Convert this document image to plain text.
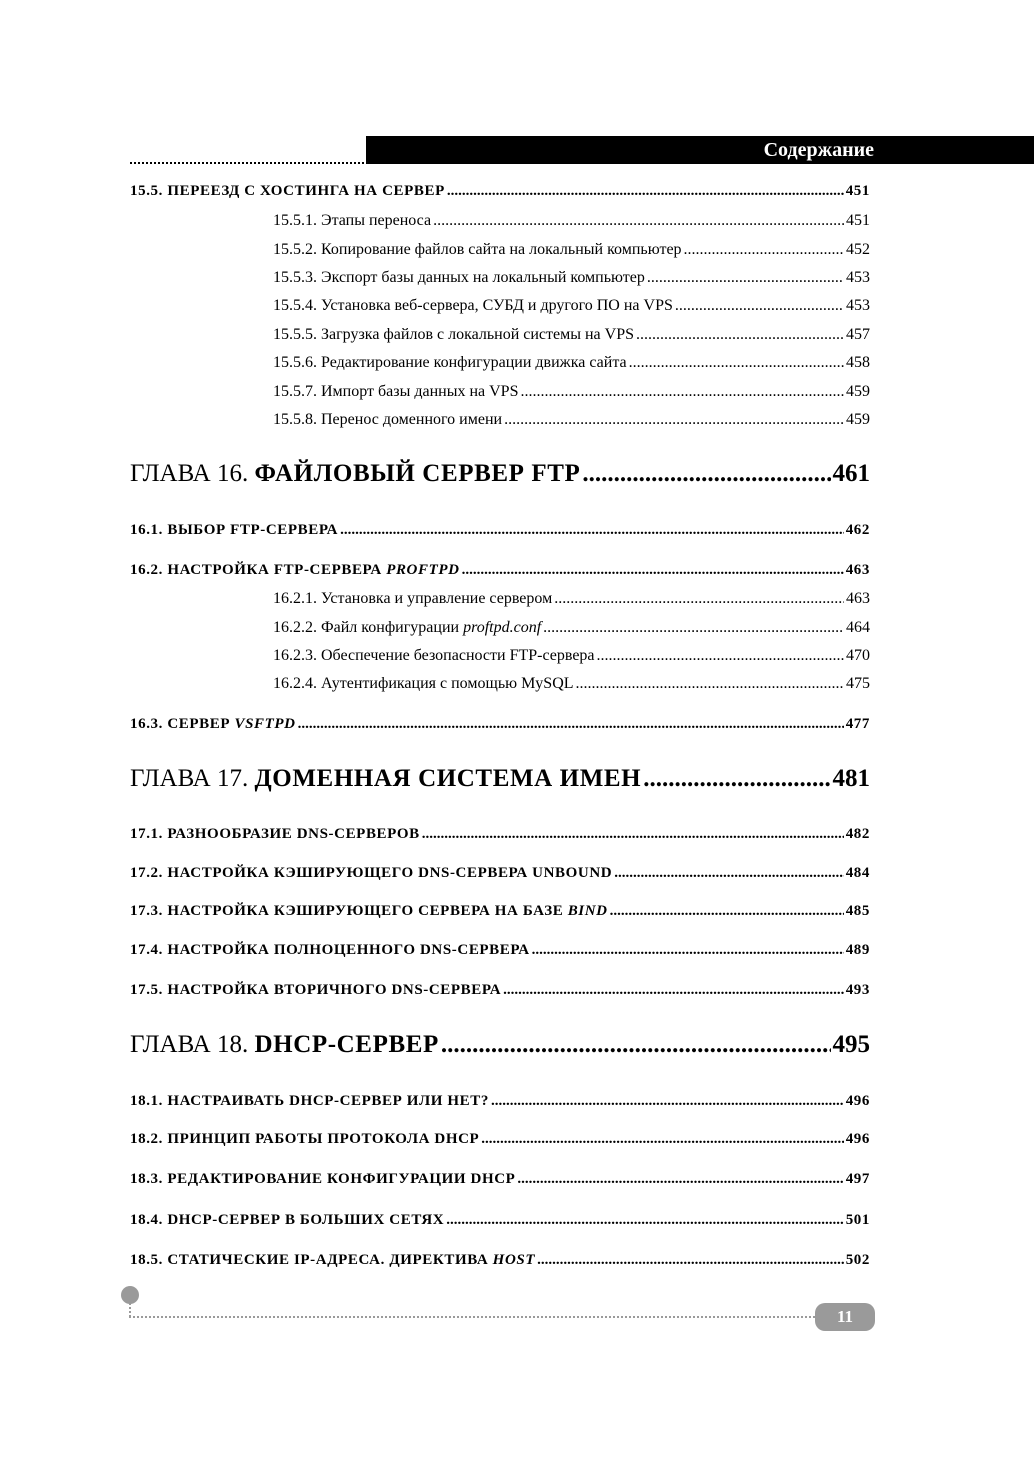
Содержание
15.5. ПЕРЕЕЗД С ХОСТИНГА НА СЕРВЕР .....	451
15.5.1. Этапы переноса .....	451
15.5.2. Копирование файлов сайта на локальный компьютер .....	452
15.5.3. Экспорт базы данных на локальный компьютер .....	453
15.5.4. Установка веб-сервера, СУБД и другого ПО на VPS .....	453
15.5.5. Загрузка файлов с локальной системы на VPS .....	457
15.5.6. Редактирование конфигурации движка сайта .....	458
15.5.7. Импорт базы данных на VPS .....	459
15.5.8. Перенос доменного имени .....	459
ГЛАВА 16. ФАЙЛОВЫЙ СЕРВЕР FTP .....	461
16.1. ВЫБОР FTP-СЕРВЕРА .....	462
16.2. НАСТРОЙКА FTP-СЕРВЕРА PROFTPD .....	463
16.2.1. Установка и управление сервером .....	463
16.2.2. Файл конфигурации proftpd.conf .....	464
16.2.3. Обеспечение безопасности FTP-сервера .....	470
16.2.4. Аутентификация с помощью MySQL .....	475
16.3. СЕРВЕР VSFTPD .....	477
ГЛАВА 17. ДОМЕННАЯ СИСТЕМА ИМЕН .....	481
17.1. РАЗНООБРАЗИЕ DNS-СЕРВЕРОВ .....	482
17.2. НАСТРОЙКА КЭШИРУЮЩЕГО DNS-СЕРВЕРА UNBOUND .....	484
17.3. НАСТРОЙКА КЭШИРУЮЩЕГО СЕРВЕРА НА БАЗЕ BIND .....	485
17.4. НАСТРОЙКА ПОЛНОЦЕННОГО DNS-СЕРВЕРА .....	489
17.5. НАСТРОЙКА ВТОРИЧНОГО DNS-СЕРВЕРА .....	493
ГЛАВА 18. DHCP-СЕРВЕР .....	495
18.1. НАСТРАИВАТЬ DHCP-СЕРВЕР ИЛИ НЕТ? .....	496
18.2. ПРИНЦИП РАБОТЫ ПРОТОКОЛА DHCP .....	496
18.3. РЕДАКТИРОВАНИЕ КОНФИГУРАЦИИ DHCP .....	497
18.4. DHCP-СЕРВЕР В БОЛЬШИХ СЕТЯХ .....	501
18.5. СТАТИЧЕСКИЕ IP-АДРЕСА. ДИРЕКТИВА HOST .....	502
11
